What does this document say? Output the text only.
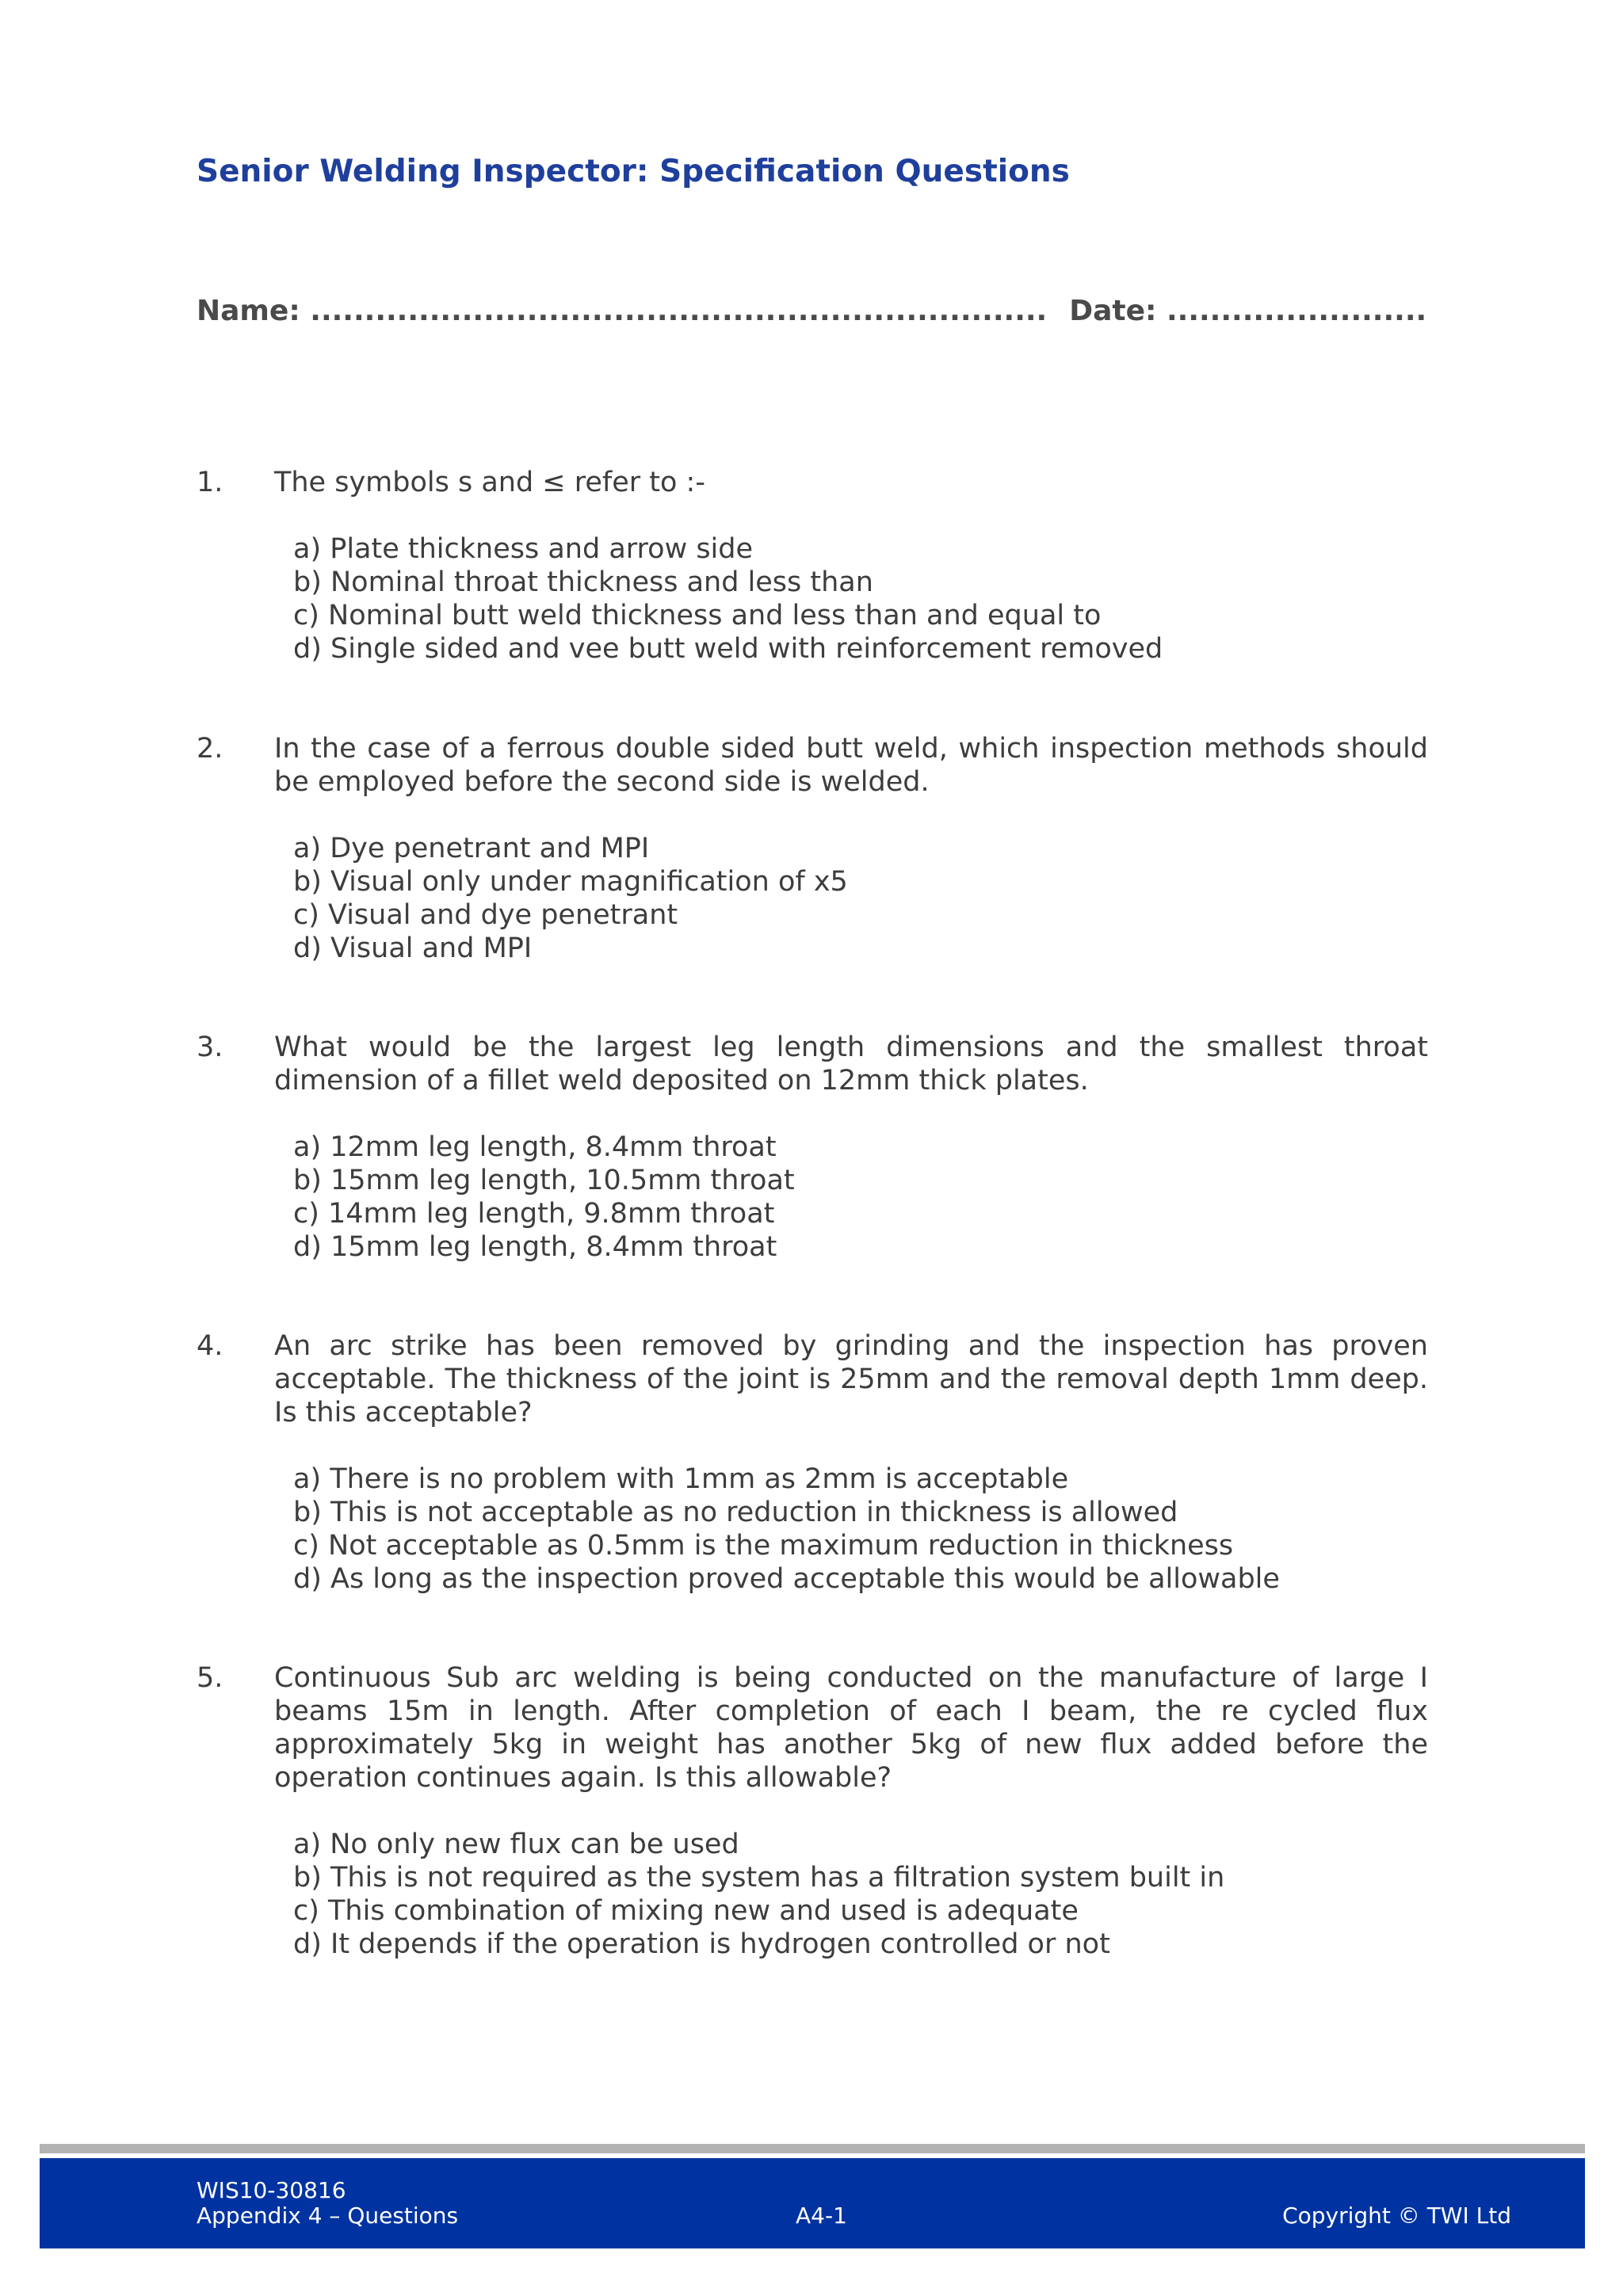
Senior Welding Inspector: Specification Questions
Name: .................................................................... Date: ........................
1. The symbols s and ≤ refer to :-
a) Plate thickness and arrow side
b) Nominal throat thickness and less than
c) Nominal butt weld thickness and less than and equal to
d) Single sided and vee butt weld with reinforcement removed
2. In the case of a ferrous double sided butt weld, which inspection methods should be employed before the second side is welded.
a) Dye penetrant and MPI
b) Visual only under magnification of x5
c) Visual and dye penetrant
d) Visual and MPI
3. What would be the largest leg length dimensions and the smallest throat dimension of a fillet weld deposited on 12mm thick plates.
a) 12mm leg length, 8.4mm throat
b) 15mm leg length, 10.5mm throat
c) 14mm leg length, 9.8mm throat
d) 15mm leg length, 8.4mm throat
4. An arc strike has been removed by grinding and the inspection has proven acceptable. The thickness of the joint is 25mm and the removal depth 1mm deep. Is this acceptable?
a) There is no problem with 1mm as 2mm is acceptable
b) This is not acceptable as no reduction in thickness is allowed
c) Not acceptable as 0.5mm is the maximum reduction in thickness
d) As long as the inspection proved acceptable this would be allowable
5. Continuous Sub arc welding is being conducted on the manufacture of large I beams 15m in length. After completion of each I beam, the re cycled flux approximately 5kg in weight has another 5kg of new flux added before the operation continues again. Is this allowable?
a) No only new flux can be used
b) This is not required as the system has a filtration system built in
c) This combination of mixing new and used is adequate
d) It depends if the operation is hydrogen controlled or not
WIS10-30816
Appendix 4 – Questions	A4-1	Copyright © TWI Ltd
